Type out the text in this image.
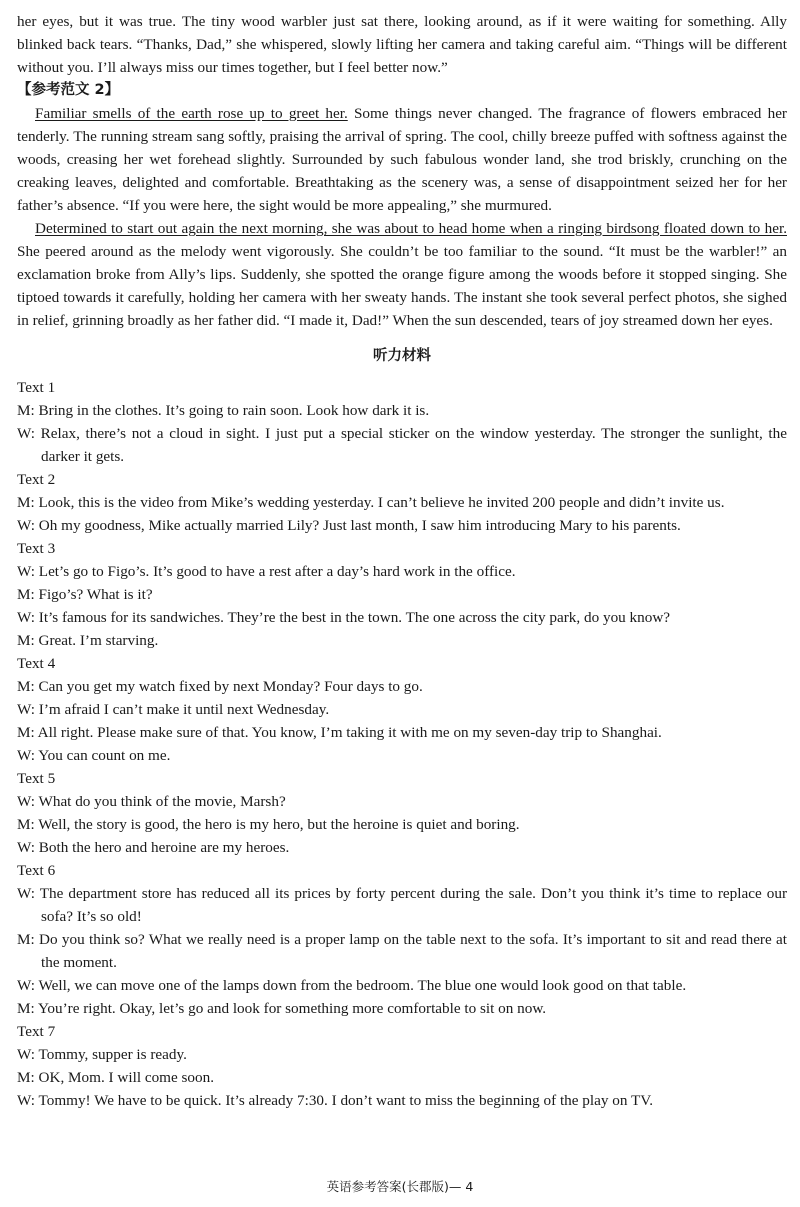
her eyes, but it was true. The tiny wood warbler just sat there, looking around, as if it were waiting for something. Ally blinked back tears. “Thanks, Dad,” she whispered, slowly lifting her camera and taking careful aim. “Things will be different without you. I’ll always miss our times together, but I feel better now.”

【参考范文 2】

Familiar smells of the earth rose up to greet her. Some things never changed. The fragrance of flowers embraced her tenderly. The running stream sang softly, praising the arrival of spring. The cool, chilly breeze puffed with softness against the woods, creasing her wet forehead slightly. Surrounded by such fabulous wonder land, she trod briskly, crunching on the creaking leaves, delighted and comfortable. Breathtaking as the scenery was, a sense of disappointment seized her for her father’s absence. “If you were here, the sight would be more appealing,” she murmured.

Determined to start out again the next morning, she was about to head home when a ringing birdsong floated down to her. She peered around as the melody went vigorously. She couldn’t be too familiar to the sound. “It must be the warbler!” an exclamation broke from Ally’s lips. Suddenly, she spotted the orange figure among the woods before it stopped singing. She tiptoed towards it carefully, holding her camera with her sweaty hands. The instant she took several perfect photos, she sighed in relief, grinning broadly as her father did. “I made it, Dad!” When the sun descended, tears of joy streamed down her eyes.

听力材料

Text 1

M: Bring in the clothes. It’s going to rain soon. Look how dark it is.

W: Relax, there’s not a cloud in sight. I just put a special sticker on the window yesterday. The stronger the sunlight, the darker it gets.

Text 2

M: Look, this is the video from Mike’s wedding yesterday. I can’t believe he invited 200 people and didn’t invite us.

W: Oh my goodness, Mike actually married Lily? Just last month, I saw him introducing Mary to his parents.

Text 3

W: Let’s go to Figo’s. It’s good to have a rest after a day’s hard work in the office.

M: Figo’s? What is it?

W: It’s famous for its sandwiches. They’re the best in the town. The one across the city park, do you know?

M: Great. I’m starving.

Text 4

M: Can you get my watch fixed by next Monday? Four days to go.

W: I’m afraid I can’t make it until next Wednesday.

M: All right. Please make sure of that. You know, I’m taking it with me on my seven-day trip to Shanghai.

W: You can count on me.

Text 5

W: What do you think of the movie, Marsh?

M: Well, the story is good, the hero is my hero, but the heroine is quiet and boring.

W: Both the hero and heroine are my heroes.

Text 6

W: The department store has reduced all its prices by forty percent during the sale. Don’t you think it’s time to replace our sofa? It’s so old!

M: Do you think so? What we really need is a proper lamp on the table next to the sofa. It’s important to sit and read there at the moment.

W: Well, we can move one of the lamps down from the bedroom. The blue one would look good on that table.

M: You’re right. Okay, let’s go and look for something more comfortable to sit on now.

Text 7

W: Tommy, supper is ready.

M: OK, Mom. I will come soon.

W: Tommy! We have to be quick. It’s already 7:30. I don’t want to miss the beginning of the play on TV.

英语参考答案(长郡版)— 4
